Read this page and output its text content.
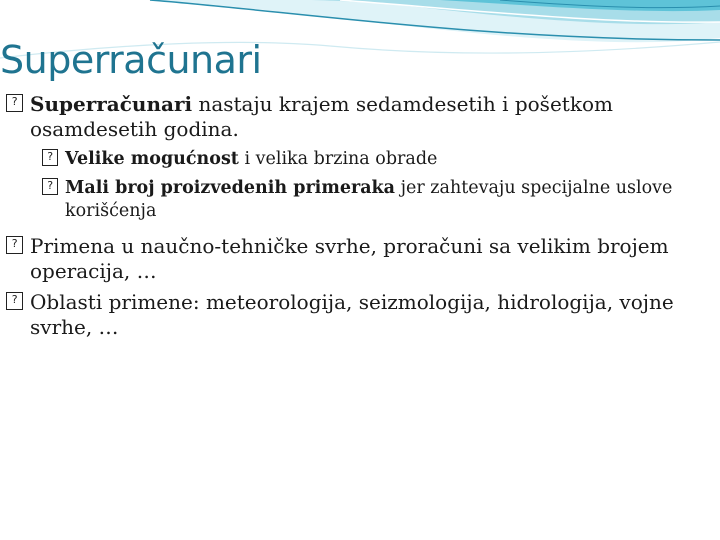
Superračunari
? Superračunari nastaju krajem sedamdesetih i pošetkom osamdesetih godina.
? Velike mogućnost i velika brzina obrade
? Mali broj proizvedenih primeraka jer zahtevaju specijalne uslove korišćenja
? Primena u naučno-tehničke svrhe, proračuni sa velikim brojem operacija, …
? Oblasti primene: meteorologija, seizmologija, hidrologija, vojne svrhe, …
